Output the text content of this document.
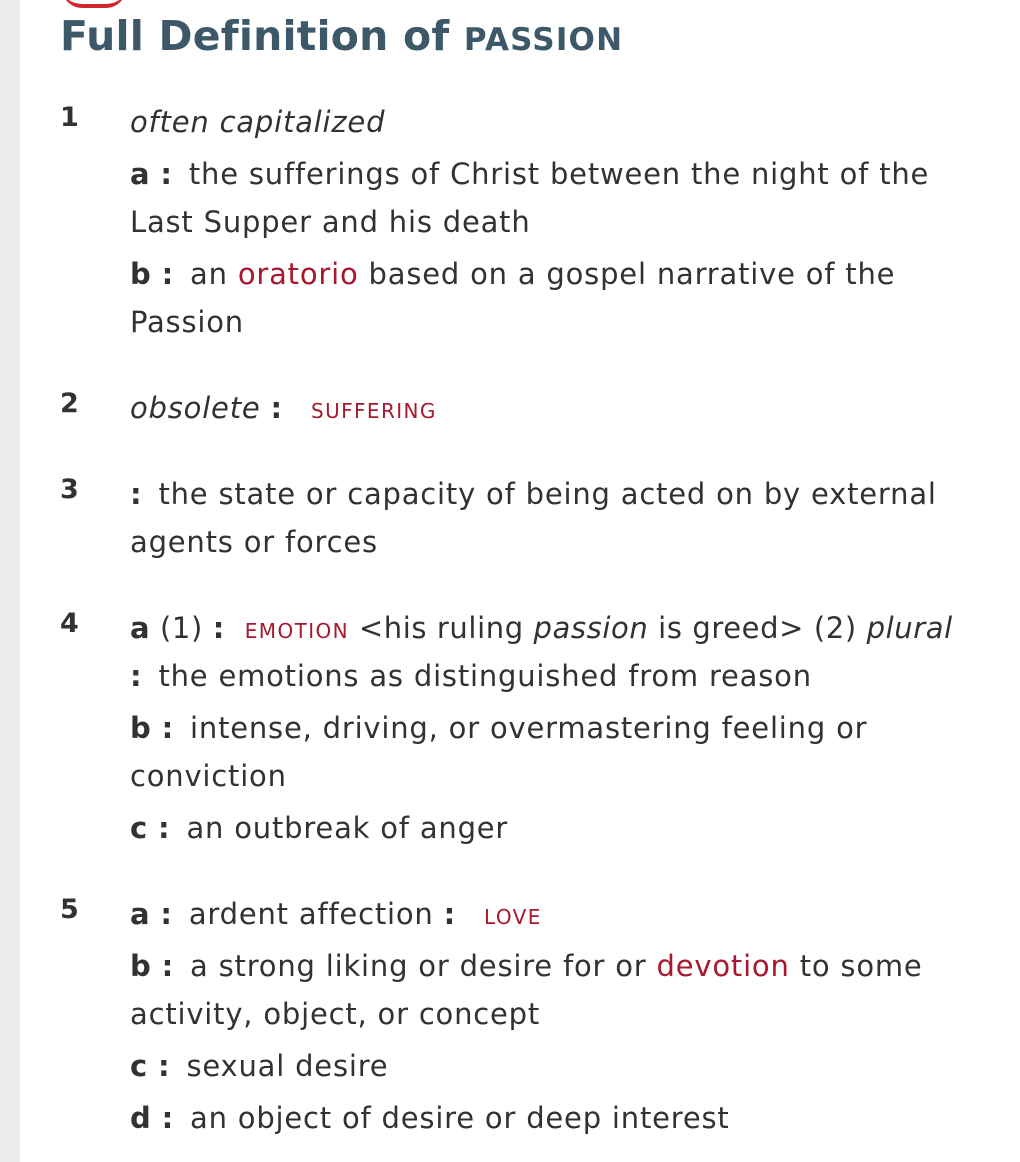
Full Definition of PASSION
1	often capitalized
a : the sufferings of Christ between the night of the
Last Supper and his death
b : an oratorio based on a gospel narrative of the
Passion
2	obsolete : SUFFERING
3	: the state or capacity of being acted on by external
agents or forces
4	a (1) : EMOTION <his ruling passion is greed> (2) plural
: the emotions as distinguished from reason
b : intense, driving, or overmastering feeling or
conviction
c : an outbreak of anger
5	a : ardent affection : LOVE
b : a strong liking or desire for or devotion to some
activity, object, or concept
c : sexual desire
d : an object of desire or deep interest
